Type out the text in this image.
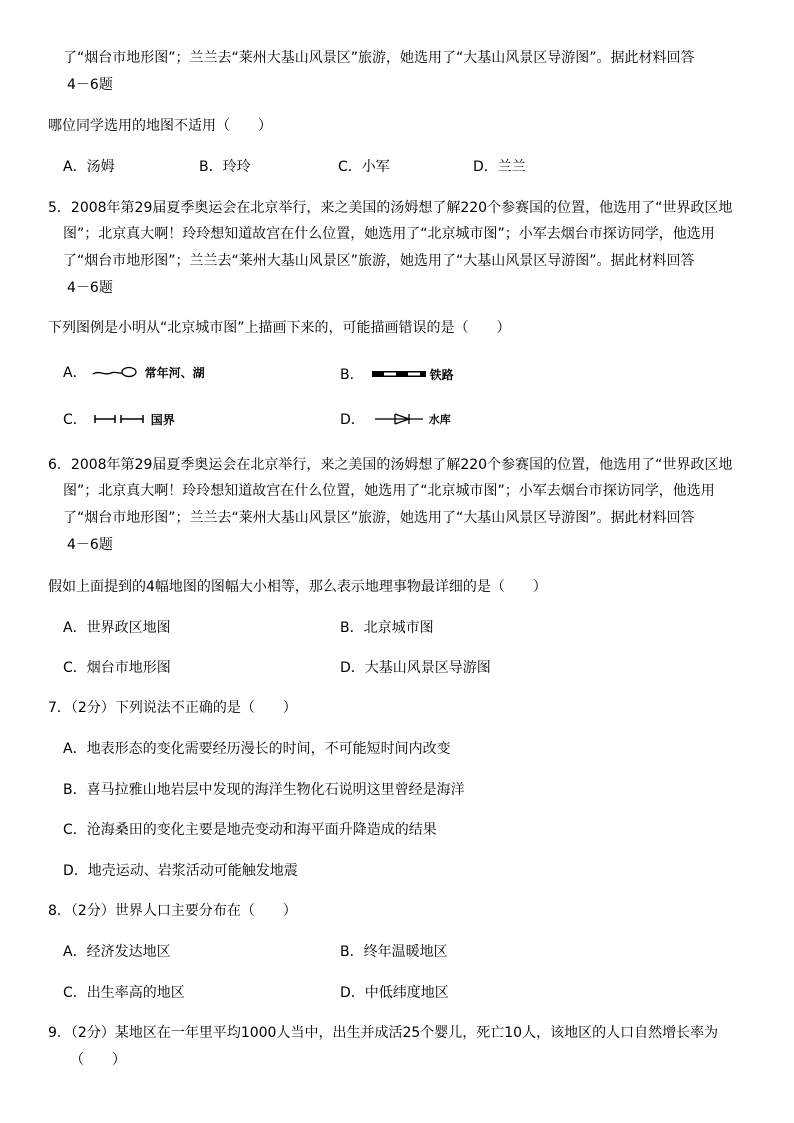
了“烟台市地形图”；兰兰去“莱州大基山风景区”旅游，她选用了“大基山风景区导游图”。据此材料回答
4－6题
哪位同学选用的地图不适用（　　）
A．汤姆	B．玲玲	C．小军	D．兰兰
5．2008年第29届夏季奥运会在北京举行，来之美国的汤姆想了解220个参赛国的位置，他选用了“世界政区地
图”；北京真大啊！玲玲想知道故宫在什么位置，她选用了“北京城市图”；小军去烟台市探访同学，他选用
了“烟台市地形图”；兰兰去“莱州大基山风景区”旅游，她选用了“大基山风景区导游图”。据此材料回答
4－6题
下列图例是小明从“北京城市图”上描画下来的，可能描画错误的是（　　）
A．	常年河、湖	B．	铁路
C．	国界	D．	水库
6．2008年第29届夏季奥运会在北京举行，来之美国的汤姆想了解220个参赛国的位置，他选用了“世界政区地
图”；北京真大啊！玲玲想知道故宫在什么位置，她选用了“北京城市图”；小军去烟台市探访同学，他选用
了“烟台市地形图”；兰兰去“莱州大基山风景区”旅游，她选用了“大基山风景区导游图”。据此材料回答
4－6题
假如上面提到的4幅地图的图幅大小相等，那么表示地理事物最详细的是（　　）
A．世界政区地图	B．北京城市图
C．烟台市地形图	D．大基山风景区导游图
7．（2分）下列说法不正确的是（　　）
A．地表形态的变化需要经历漫长的时间，不可能短时间内改变
B．喜马拉雅山地岩层中发现的海洋生物化石说明这里曾经是海洋
C．沧海桑田的变化主要是地壳变动和海平面升降造成的结果
D．地壳运动、岩浆活动可能触发地震
8．（2分）世界人口主要分布在（　　）
A．经济发达地区	B．终年温暖地区
C．出生率高的地区	D．中低纬度地区
9．（2分）某地区在一年里平均1000人当中，出生并成活25个婴儿，死亡10人，该地区的人口自然增长率为
（　　）
